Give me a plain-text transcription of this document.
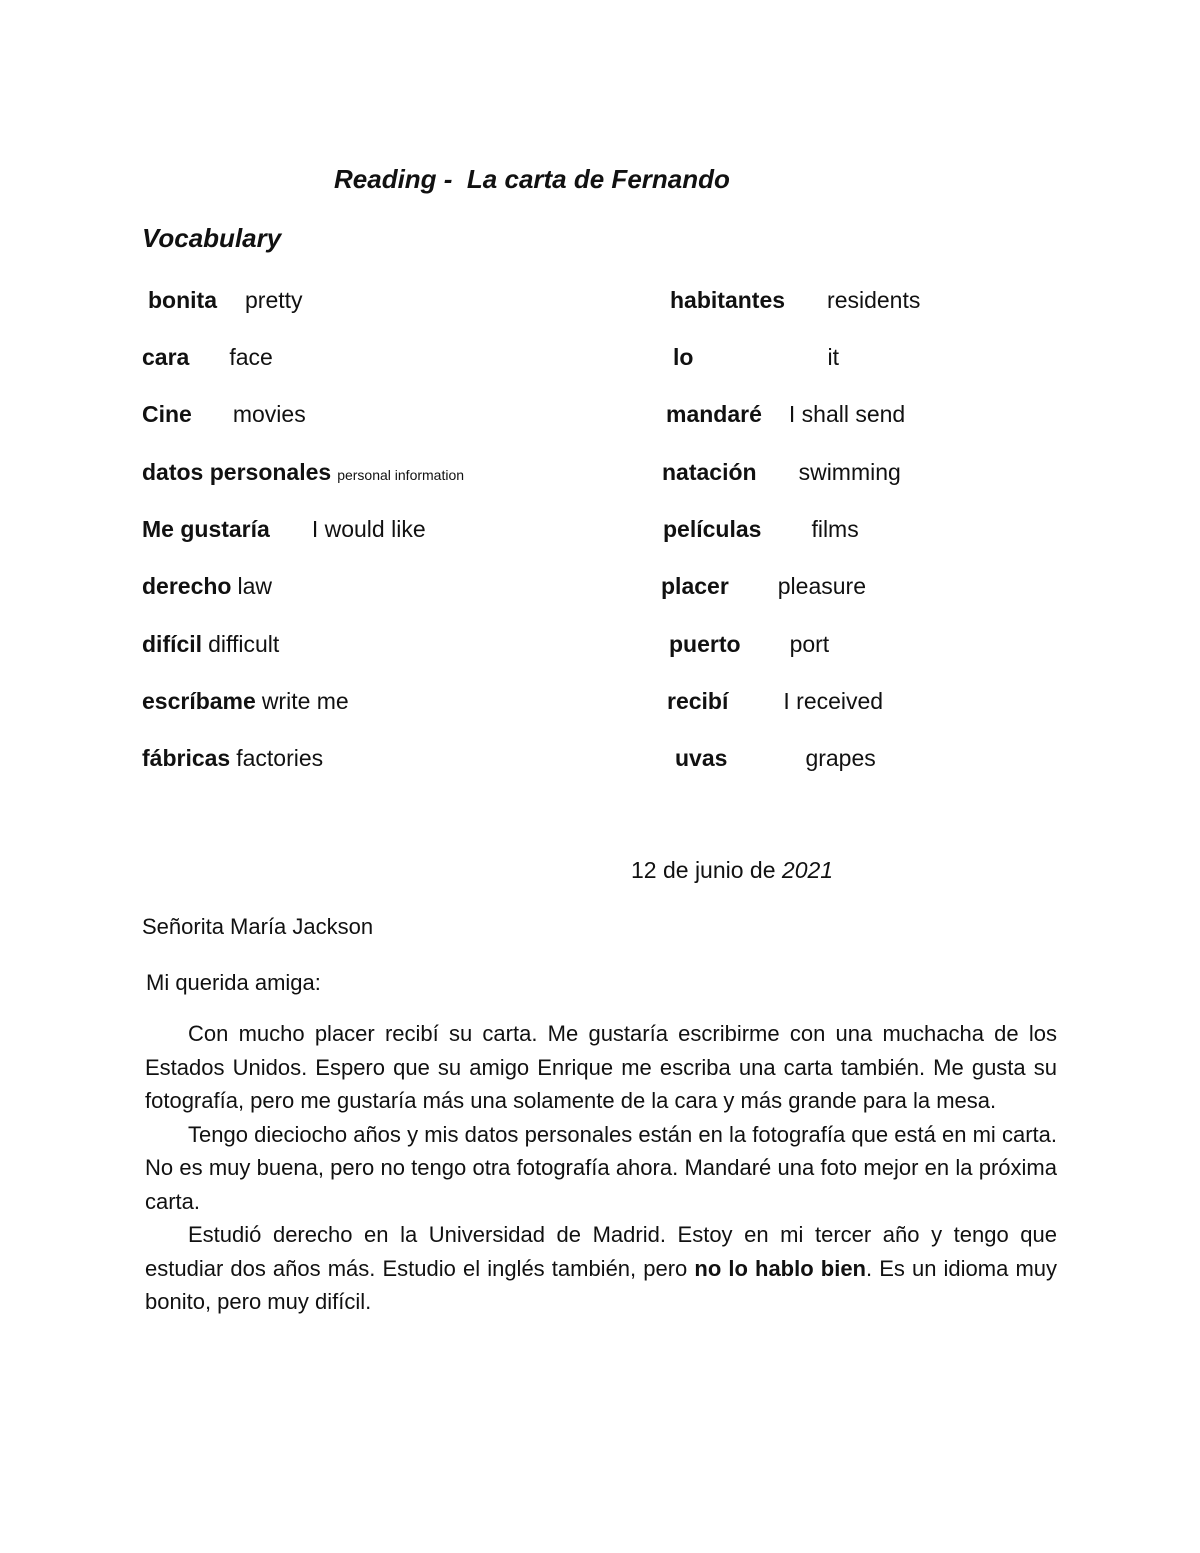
Reading -  La carta de Fernando
Vocabulary
bonita pretty
cara face
Cine movies
datos personales personal information
Me gustaría I would like
derecho law
difícil difficult
escríbame write me
fábricas factories
habitantes residents
lo	it
mandaré I shall send
natación swimming
películas films
placer pleasure
puerto port
recibí I received
uvas	grapes
12 de junio de 2021
Señorita María Jackson
Mi querida amiga:

Con mucho placer recibí su carta. Me gustaría escribirme con una muchacha de los Estados Unidos. Espero que su amigo Enrique me escriba una carta también. Me gusta su fotografía, pero me gustaría más una solamente de la cara y más grande para la mesa.

Tengo dieciocho años y mis datos personales están en la fotografía que está en mi carta. No es muy buena, pero no tengo otra fotografía ahora. Mandaré una foto mejor en la próxima carta.

Estudió derecho en la Universidad de Madrid. Estoy en mi tercer año y tengo que estudiar dos años más. Estudio el inglés también, pero no lo hablo bien. Es un idioma muy bonito, pero muy difícil.
